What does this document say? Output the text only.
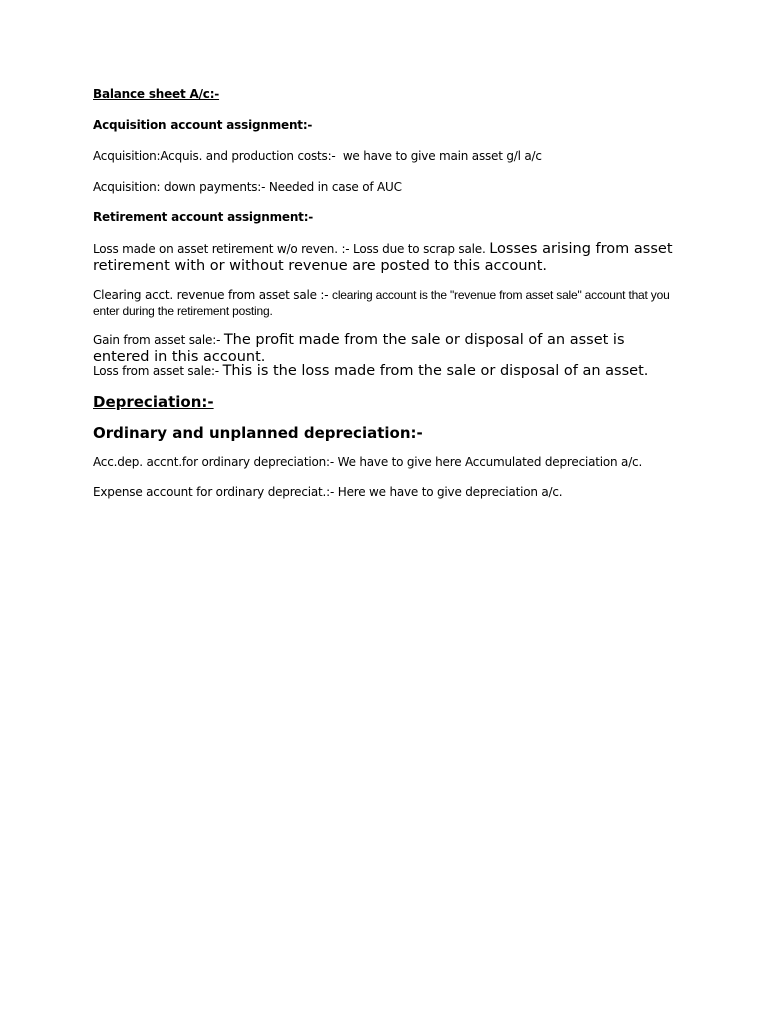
Balance sheet A/c:-

Acquisition account assignment:-

Acquisition:Acquis. and production costs:- we have to give main asset g/l a/c

Acquisition: down payments:- Needed in case of AUC

Retirement account assignment:-

Loss made on asset retirement w/o reven. :- Loss due to scrap sale. Losses arising from asset retirement with or without revenue are posted to this account.

Clearing acct. revenue from asset sale :- clearing account is the "revenue from asset sale" account that you enter during the retirement posting.

Gain from asset sale:- The profit made from the sale or disposal of an asset is entered in this account.

Loss from asset sale:- This is the loss made from the sale or disposal of an asset.

Depreciation:-

Ordinary and unplanned depreciation:-

Acc.dep. accnt.for ordinary depreciation:- We have to give here Accumulated depreciation a/c.

Expense account for ordinary depreciat.:- Here we have to give depreciation a/c.
